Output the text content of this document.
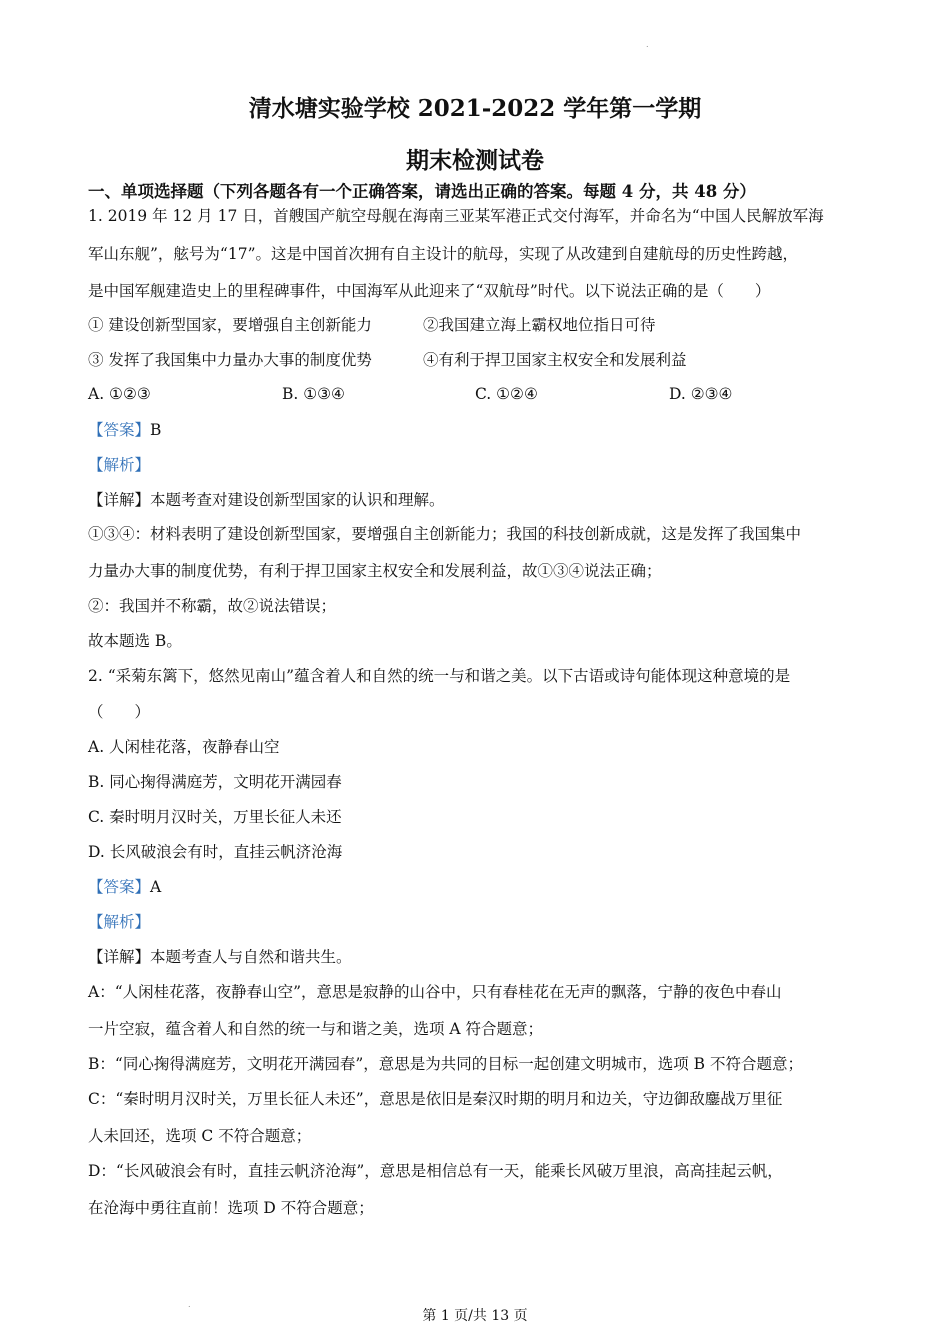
.
清水塘实验学校 2021-2022 学年第一学期
期末检测试卷
一、单项选择题（下列各题各有一个正确答案，请选出正确的答案。每题 4 分，共 48 分）
1. 2019 年 12 月 17 日，首艘国产航空母舰在海南三亚某军港正式交付海军，并命名为“中国人民解放军海
军山东舰”，舷号为“17”。这是中国首次拥有自主设计的航母，实现了从改建到自建航母的历史性跨越，
是中国军舰建造史上的里程碑事件，中国海军从此迎来了“双航母”时代。以下说法正确的是（　　）
① 建设创新型国家，要增强自主创新能力	②我国建立海上霸权地位指日可待
③ 发挥了我国集中力量办大事的制度优势	④有利于捍卫国家主权安全和发展利益
A. ①②③	B. ①③④	C. ①②④	D. ②③④
【答案】B
【解析】
【详解】本题考查对建设创新型国家的认识和理解。
①③④：材料表明了建设创新型国家，要增强自主创新能力；我国的科技创新成就，这是发挥了我国集中
力量办大事的制度优势，有利于捍卫国家主权安全和发展利益，故①③④说法正确；
②：我国并不称霸，故②说法错误；
故本题选 B。
2. “采菊东篱下，悠然见南山”蕴含着人和自然的统一与和谐之美。以下古语或诗句能体现这种意境的是
（　　）
A. 人闲桂花落，夜静春山空
B. 同心掬得满庭芳，文明花开满园春
C. 秦时明月汉时关，万里长征人未还
D. 长风破浪会有时，直挂云帆济沧海
【答案】A
【解析】
【详解】本题考查人与自然和谐共生。
A：“人闲桂花落，夜静春山空”，意思是寂静的山谷中，只有春桂花在无声的飘落，宁静的夜色中春山
一片空寂，蕴含着人和自然的统一与和谐之美，选项 A 符合题意；
B：“同心掬得满庭芳，文明花开满园春”，意思是为共同的目标一起创建文明城市，选项 B 不符合题意；
C：“秦时明月汉时关，万里长征人未还”，意思是依旧是秦汉时期的明月和边关，守边御敌鏖战万里征
人未回还，选项 C 不符合题意；
D：“长风破浪会有时，直挂云帆济沧海”，意思是相信总有一天，能乘长风破万里浪，高高挂起云帆，
在沧海中勇往直前！选项 D 不符合题意；
.
第 1 页/共 13 页
